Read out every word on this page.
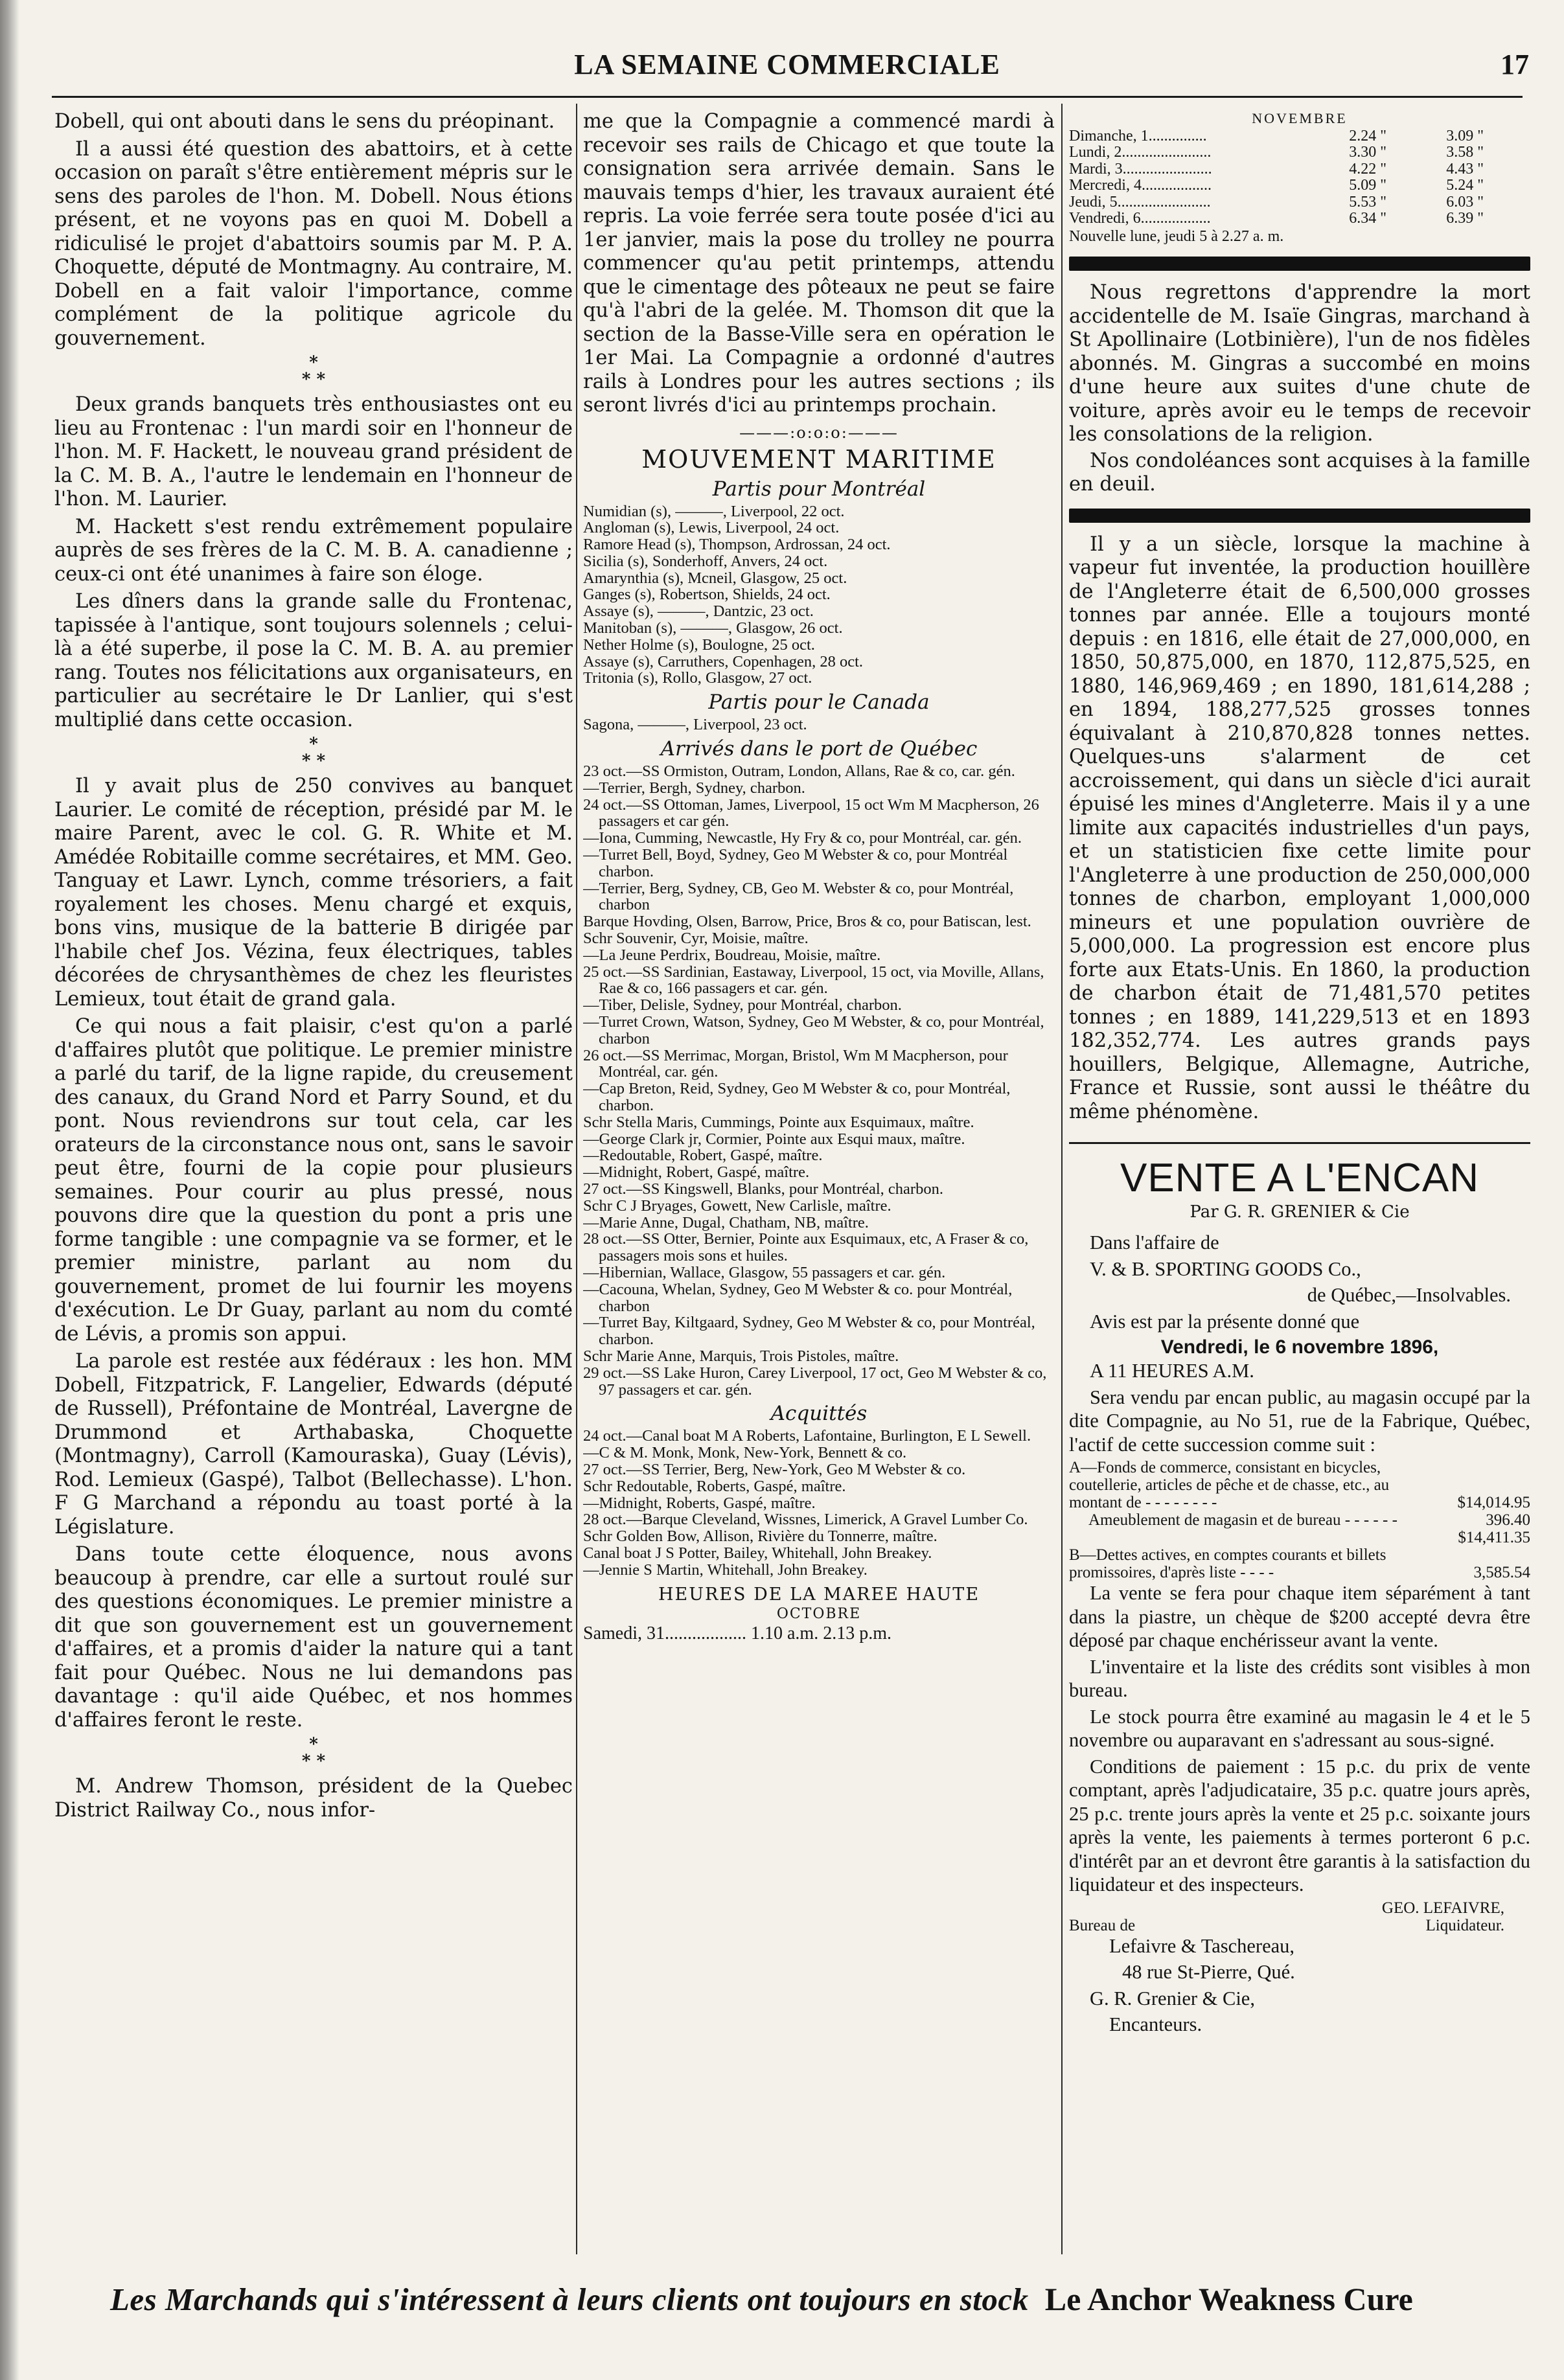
LA SEMAINE COMMERCIALE	17

Dobell, qui ont abouti dans le sens du préopinant.

Il a aussi été question des abattoirs, et à cette occasion on paraît s'être entièrement mépris sur le sens des paroles de l'hon. M. Dobell. Nous étions présent, et ne voyons pas en quoi M. Dobell a ridiculisé le projet d'abattoirs soumis par M. P. A. Choquette, député de Montmagny. Au contraire, M. Dobell en a fait valoir l'importance, comme complément de la politique agricole du gouvernement.

*
* *

Deux grands banquets très enthousiastes ont eu lieu au Frontenac : l'un mardi soir en l'honneur de l'hon. M. F. Hackett, le nouveau grand président de la C. M. B. A., l'autre le lendemain en l'honneur de l'hon. M. Laurier.

M. Hackett s'est rendu extrêmement populaire auprès de ses frères de la C. M. B. A. canadienne ; ceux-ci ont été unanimes à faire son éloge.

Les dîners dans la grande salle du Frontenac, tapissée à l'antique, sont toujours solennels ; celui-là a été superbe, il pose la C. M. B. A. au premier rang. Toutes nos félicitations aux organisateurs, en particulier au secrétaire le Dr Lanlier, qui s'est multiplié dans cette occasion.

*
* *

Il y avait plus de 250 convives au banquet Laurier. Le comité de réception, présidé par M. le maire Parent, avec le col. G. R. White et M. Amédée Robitaille comme secrétaires, et MM. Geo. Tanguay et Lawr. Lynch, comme trésoriers, a fait royalement les choses. Menu chargé et exquis, bons vins, musique de la batterie B dirigée par l'habile chef Jos. Vézina, feux électriques, tables décorées de chrysanthèmes de chez les fleuristes Lemieux, tout était de grand gala.

Ce qui nous a fait plaisir, c'est qu'on a parlé d'affaires plutôt que politique. Le premier ministre a parlé du tarif, de la ligne rapide, du creusement des canaux, du Grand Nord et Parry Sound, et du pont. Nous reviendrons sur tout cela, car les orateurs de la circonstance nous ont, sans le savoir peut être, fourni de la copie pour plusieurs semaines. Pour courir au plus pressé, nous pouvons dire que la question du pont a pris une forme tangible : une compagnie va se former, et le premier ministre, parlant au nom du gouvernement, promet de lui fournir les moyens d'exécution. Le Dr Guay, parlant au nom du comté de Lévis, a promis son appui.

La parole est restée aux fédéraux : les hon. MM Dobell, Fitzpatrick, F. Langelier, Edwards (député de Russell), Préfontaine de Montréal, Lavergne de Drummond et Arthabaska, Choquette (Montmagny), Carroll (Kamouraska), Guay (Lévis), Rod. Lemieux (Gaspé), Talbot (Bellechasse). L'hon. F G Marchand a répondu au toast porté à la Législature.

Dans toute cette éloquence, nous avons beaucoup à prendre, car elle a surtout roulé sur des questions économiques. Le premier ministre a dit que son gouvernement est un gouvernement d'affaires, et a promis d'aider la nature qui a tant fait pour Québec. Nous ne lui demandons pas davantage : qu'il aide Québec, et nos hommes d'affaires feront le reste.

*
* *

M. Andrew Thomson, président de la Quebec District Railway Co., nous infor-

me que la Compagnie a commencé mardi à recevoir ses rails de Chicago et que toute la consignation sera arrivée demain. Sans le mauvais temps d'hier, les travaux auraient été repris. La voie ferrée sera toute posée d'ici au 1er janvier, mais la pose du trolley ne pourra commencer qu'au petit printemps, attendu que le cimentage des pôteaux ne peut se faire qu'à l'abri de la gelée. M. Thomson dit que la section de la Basse-Ville sera en opération le 1er Mai. La Compagnie a ordonné d'autres rails à Londres pour les autres sections ; ils seront livrés d'ici au printemps prochain.

———:o:o:o:———
MOUVEMENT MARITIME
Partis pour Montréal
Numidian (s), ———, Liverpool, 22 oct.
Angloman (s), Lewis, Liverpool, 24 oct.
Ramore Head (s), Thompson, Ardrossan, 24 oct.
Sicilia (s), Sonderhoff, Anvers, 24 oct.
Amarynthia (s), Mcneil, Glasgow, 25 oct.
Ganges (s), Robertson, Shields, 24 oct.
Assaye (s), ———, Dantzic, 23 oct.
Manitoban (s), ———, Glasgow, 26 oct.
Nether Holme (s), Boulogne, 25 oct.
Assaye (s), Carruthers, Copenhagen, 28 oct.
Tritonia (s), Rollo, Glasgow, 27 oct.
Partis pour le Canada
Sagona, ———, Liverpool, 23 oct.
Arrivés dans le port de Québec
23 oct.—SS Ormiston, Outram, London, Allans, Rae & co, car. gén.
—Terrier, Bergh, Sydney, charbon.
24 oct.—SS Ottoman, James, Liverpool, 15 oct Wm M Macpherson, 26 passagers et car gén.
—Iona, Cumming, Newcastle, Hy Fry & co, pour Montréal, car. gén.
—Turret Bell, Boyd, Sydney, Geo M Webster & co, pour Montréal charbon.
—Terrier, Berg, Sydney, CB, Geo M. Webster & co, pour Montréal, charbon
Barque Hovding, Olsen, Barrow, Price, Bros & co, pour Batiscan, lest.
Schr Souvenir, Cyr, Moisie, maître.
—La Jeune Perdrix, Boudreau, Moisie, maître.
25 oct.—SS Sardinian, Eastaway, Liverpool, 15 oct, via Moville, Allans, Rae & co, 166 passagers et car. gén.
—Tiber, Delisle, Sydney, pour Montréal, charbon.
—Turret Crown, Watson, Sydney, Geo M Webster, & co, pour Montréal, charbon
26 oct.—SS Merrimac, Morgan, Bristol, Wm M Macpherson, pour Montréal, car. gén.
—Cap Breton, Reid, Sydney, Geo M Webster & co, pour Montréal, charbon.
Schr Stella Maris, Cummings, Pointe aux Esquimaux, maître.
—George Clark jr, Cormier, Pointe aux Esqui maux, maître.
—Redoutable, Robert, Gaspé, maître.
—Midnight, Robert, Gaspé, maître.
27 oct.—SS Kingswell, Blanks, pour Montréal, charbon.
Schr C J Bryages, Gowett, New Carlisle, maître.
—Marie Anne, Dugal, Chatham, NB, maître.
28 oct.—SS Otter, Bernier, Pointe aux Esquimaux, etc, A Fraser & co, passagers mois sons et huiles.
—Hibernian, Wallace, Glasgow, 55 passagers et car. gén.
—Cacouna, Whelan, Sydney, Geo M Webster & co. pour Montréal, charbon
—Turret Bay, Kiltgaard, Sydney, Geo M Webster & co, pour Montréal, charbon.
Schr Marie Anne, Marquis, Trois Pistoles, maître.
29 oct.—SS Lake Huron, Carey Liverpool, 17 oct, Geo M Webster & co, 97 passagers et car. gén.
Acquittés
24 oct.—Canal boat M A Roberts, Lafontaine, Burlington, E L Sewell.
—C & M. Monk, Monk, New-York, Bennett & co.
27 oct.—SS Terrier, Berg, New-York, Geo M Webster & co.
Schr Redoutable, Roberts, Gaspé, maître.
—Midnight, Roberts, Gaspé, maître.
28 oct.—Barque Cleveland, Wissnes, Limerick, A Gravel Lumber Co.
Schr Golden Bow, Allison, Rivière du Tonnerre, maître.
Canal boat J S Potter, Bailey, Whitehall, John Breakey.
—Jennie S Martin, Whitehall, John Breakey.
HEURES DE LA MAREE HAUTE
OCTOBRE
Samedi, 31.................. 1.10 a.m. 2.13 p.m.
NOVEMBRE
Dimanche, 1...............	2.24 "	3.09 "
Lundi, 2.......................	3.30 "	3.58 "
Mardi, 3.......................	4.22 "	4.43 "
Mercredi, 4..................	5.09 "	5.24 "
Jeudi, 5........................	5.53 "	6.03 "
Vendredi, 6..................	6.34 "	6.39 "
Nouvelle lune, jeudi 5 à 2.27 a. m.

Nous regrettons d'apprendre la mort accidentelle de M. Isaïe Gingras, marchand à St Apollinaire (Lotbinière), l'un de nos fidèles abonnés. M. Gingras a succombé en moins d'une heure aux suites d'une chute de voiture, après avoir eu le temps de recevoir les consolations de la religion.

Nos condoléances sont acquises à la famille en deuil.

Il y a un siècle, lorsque la machine à vapeur fut inventée, la production houillère de l'Angleterre était de 6,500,000 grosses tonnes par année. Elle a toujours monté depuis : en 1816, elle était de 27,000,000, en 1850, 50,875,000, en 1870, 112,875,525, en 1880, 146,969,469 ; en 1890, 181,614,288 ; en 1894, 188,277,525 grosses tonnes équivalant à 210,870,828 tonnes nettes. Quelques-uns s'alarment de cet accroissement, qui dans un siècle d'ici aurait épuisé les mines d'Angleterre. Mais il y a une limite aux capacités industrielles d'un pays, et un statisticien fixe cette limite pour l'Angleterre à une production de 250,000,000 tonnes de charbon, employant 1,000,000 mineurs et une population ouvrière de 5,000,000. La progression est encore plus forte aux Etats-Unis. En 1860, la production de charbon était de 71,481,570 petites tonnes ; en 1889, 141,229,513 et en 1893 182,352,774. Les autres grands pays houillers, Belgique, Allemagne, Autriche, France et Russie, sont aussi le théâtre du même phénomène.

VENTE A L'ENCAN
Par G. R. GRENIER & Cie

Dans l'affaire de

V. & B. SPORTING GOODS Co.,

de Québec,—Insolvables.

Avis est par la présente donné que

Vendredi, le 6 novembre 1896,

A 11 HEURES A.M.

Sera vendu par encan public, au magasin occupé par la dite Compagnie, au No 51, rue de la Fabrique, Québec, l'actif de cette succession comme suit :

A—Fonds de commerce, consistant en bicycles, coutellerie, articles de pêche et de chasse, etc., au montant de - - - - - - - -	$14,014.95
Ameublement de magasin et de bureau - - - - - -	396.40
$14,411.35
B—Dettes actives, en comptes courants et billets promissoires, d'après liste - - - -	3,585.54

La vente se fera pour chaque item séparément à tant dans la piastre, un chèque de $200 accepté devra être déposé par chaque enchérisseur avant la vente.

L'inventaire et la liste des crédits sont visibles à mon bureau.

Le stock pourra être examiné au magasin le 4 et le 5 novembre ou auparavant en s'adressant au sous-signé.

Conditions de paiement : 15 p.c. du prix de vente comptant, après l'adjudicataire, 35 p.c. quatre jours après, 25 p.c. trente jours après la vente et 25 p.c. soixante jours après la vente, les paiements à termes porteront 6 p.c. d'intérêt par an et devront être garantis à la satisfaction du liquidateur et des inspecteurs.

GEO. LEFAIVRE,
Bureau de	Liquidateur.

Lefaivre & Taschereau,

48 rue St-Pierre, Qué.

G. R. Grenier & Cie,

Encanteurs.

Les Marchands qui s'intéressent à leurs clients ont toujours en stock Le Anchor Weakness Cure
